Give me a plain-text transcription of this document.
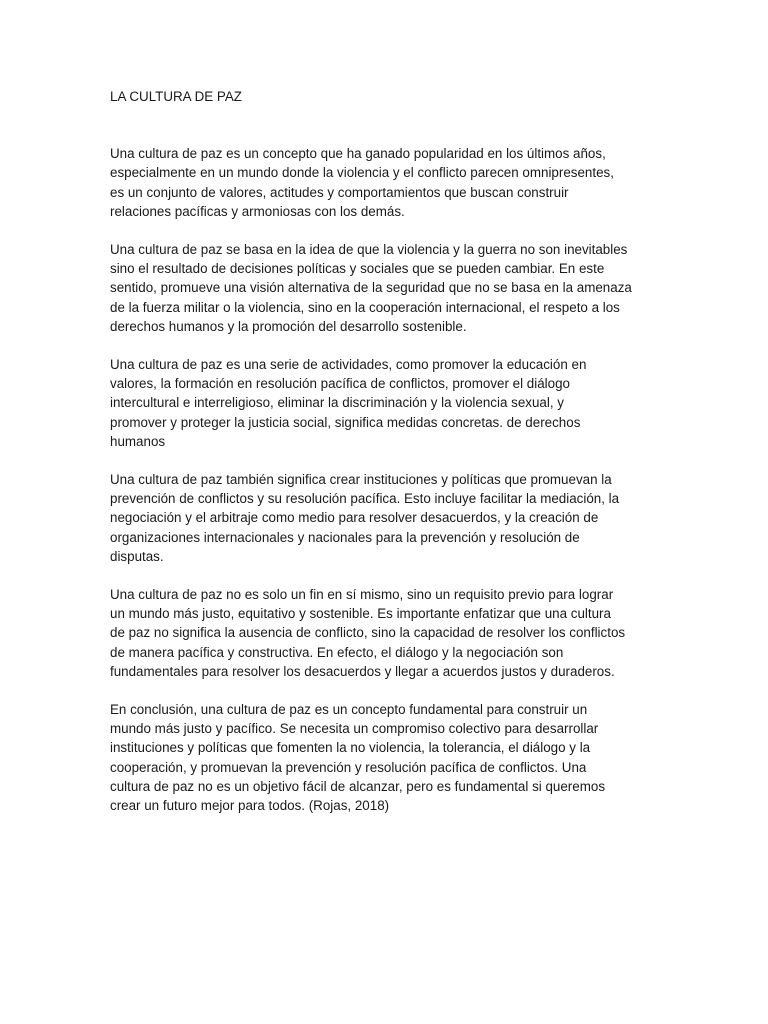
LA CULTURA DE PAZ

Una cultura de paz es un concepto que ha ganado popularidad en los últimos años,
especialmente en un mundo donde la violencia y el conflicto parecen omnipresentes,
es un conjunto de valores, actitudes y comportamientos que buscan construir
relaciones pacíficas y armoniosas con los demás.

Una cultura de paz se basa en la idea de que la violencia y la guerra no son inevitables
sino el resultado de decisiones políticas y sociales que se pueden cambiar. En este
sentido, promueve una visión alternativa de la seguridad que no se basa en la amenaza
de la fuerza militar o la violencia, sino en la cooperación internacional, el respeto a los
derechos humanos y la promoción del desarrollo sostenible.

Una cultura de paz es una serie de actividades, como promover la educación en
valores, la formación en resolución pacífica de conflictos, promover el diálogo
intercultural e interreligioso, eliminar la discriminación y la violencia sexual, y
promover y proteger la justicia social, significa medidas concretas. de derechos
humanos

Una cultura de paz también significa crear instituciones y políticas que promuevan la
prevención de conflictos y su resolución pacífica. Esto incluye facilitar la mediación, la
negociación y el arbitraje como medio para resolver desacuerdos, y la creación de
organizaciones internacionales y nacionales para la prevención y resolución de
disputas.

Una cultura de paz no es solo un fin en sí mismo, sino un requisito previo para lograr
un mundo más justo, equitativo y sostenible. Es importante enfatizar que una cultura
de paz no significa la ausencia de conflicto, sino la capacidad de resolver los conflictos
de manera pacífica y constructiva. En efecto, el diálogo y la negociación son
fundamentales para resolver los desacuerdos y llegar a acuerdos justos y duraderos.

En conclusión, una cultura de paz es un concepto fundamental para construir un
mundo más justo y pacífico. Se necesita un compromiso colectivo para desarrollar
instituciones y políticas que fomenten la no violencia, la tolerancia, el diálogo y la
cooperación, y promuevan la prevención y resolución pacífica de conflictos. Una
cultura de paz no es un objetivo fácil de alcanzar, pero es fundamental si queremos
crear un futuro mejor para todos. (Rojas, 2018)
